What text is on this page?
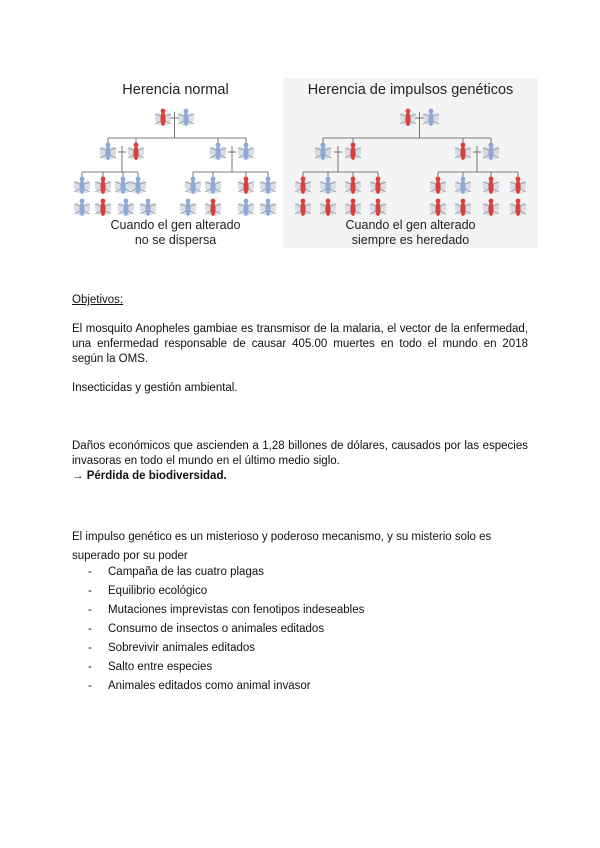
Herencia normal
Cuando el gen alterado
no se dispersa
Herencia de impulsos genéticos
Cuando el gen alterado
siempre es heredado
Objetivos:
El mosquito Anopheles gambiae es transmisor de la malaria, el vector de la enfermedad, una enfermedad responsable de causar 405.00 muertes en todo el mundo en 2018 según la OMS.
Insecticidas y gestión ambiental.
Daños económicos que ascienden a 1,28 billones de dólares, causados por las especies invasoras en todo el mundo en el último medio siglo.
→ Pérdida de biodiversidad.
El impulso genético es un misterioso y poderoso mecanismo, y su misterio solo es superado por su poder
- Campaña de las cuatro plagas
- Equilibrio ecológico
- Mutaciones imprevistas con fenotipos indeseables
- Consumo de insectos o animales editados
- Sobrevivir animales editados
- Salto entre especies
- Animales editados como animal invasor
